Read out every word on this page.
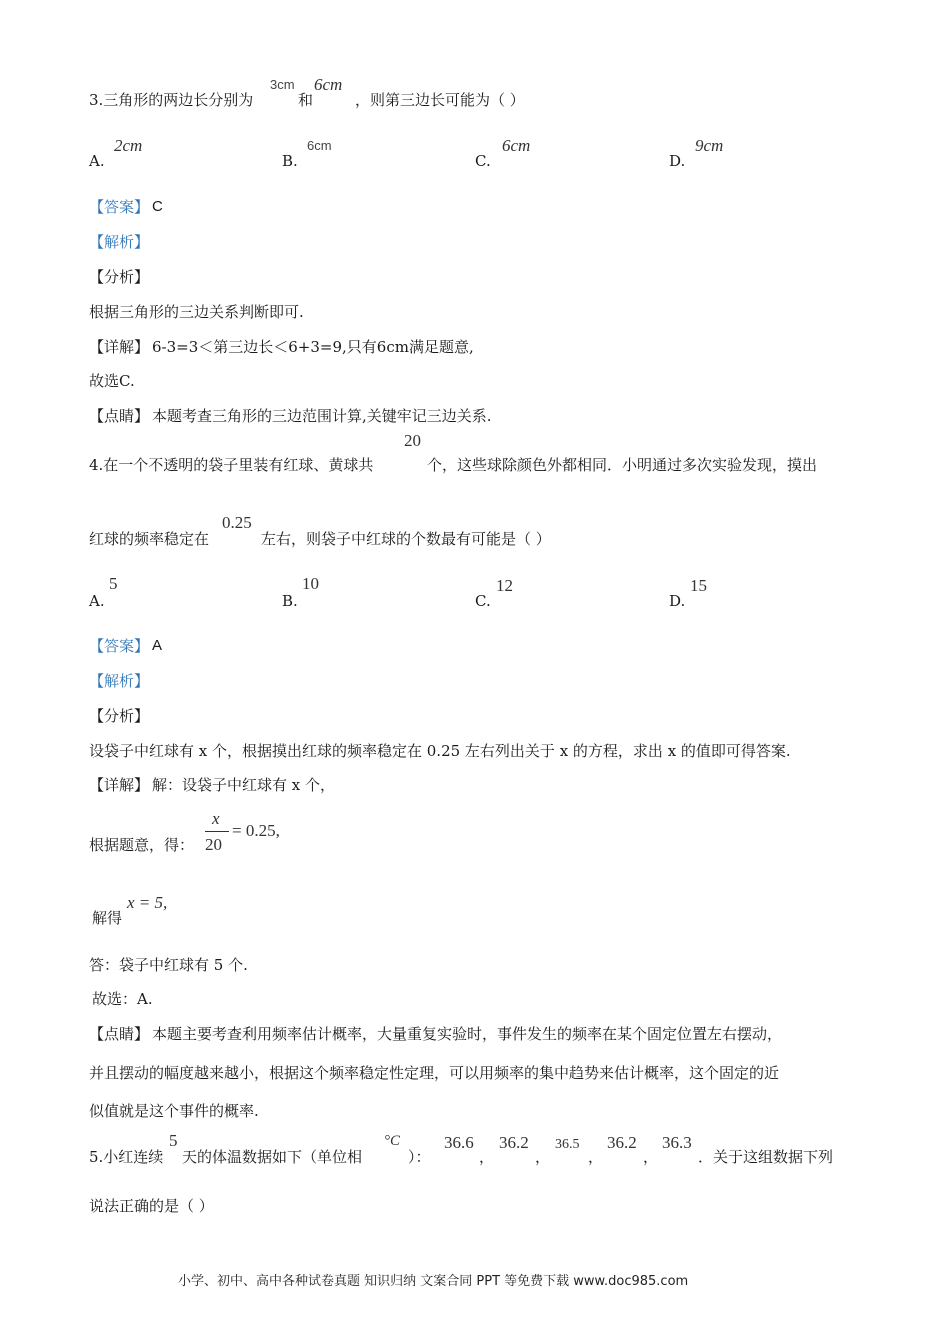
3.三角形的两边长分别为
3cm
和
6cm
，则第三边长可能为（ ）
A.
2cm
B.
6cm
C.
6cm
D.
9cm
【答案】 C
【解析】
【分析】
根据三角形的三边关系判断即可.
【详解】 6-3=3＜第三边长＜6+3=9,只有6cm满足题意,
故选C.
【点睛】 本题考查三角形的三边范围计算,关键牢记三边关系.
4.在一个不透明的袋子里装有红球、黄球共
20
个，这些球除颜色外都相同．小明通过多次实验发现，摸出
红球的频率稳定在
0.25
左右，则袋子中红球的个数最有可能是（ ）
A.
5
B.
10
C.
12
D.
15
【答案】 A
【解析】
【分析】
设袋子中红球有 x 个，根据摸出红球的频率稳定在 0.25 左右列出关于 x 的方程，求出 x 的值即可得答案.
【详解】 解：设袋子中红球有 x 个，
根据题意，得：
x
20
= 0.25,
解得
x = 5,
答：袋子中红球有 5 个.
故选：A.
【点睛】 本题主要考查利用频率估计概率，大量重复实验时，事件发生的频率在某个固定位置左右摆动，
并且摆动的幅度越来越小，根据这个频率稳定性定理，可以用频率的集中趋势来估计概率，这个固定的近
似值就是这个事件的概率.
5.小红连续
5
天的体温数据如下（单位相
°C
）：
36.6
，
36.2
，
36.5
，
36.2
，
36.3
．关于这组数据下列
说法正确的是（ ）
小学、初中、高中各种试卷真题 知识归纳 文案合同 PPT 等免费下载 www.doc985.com
